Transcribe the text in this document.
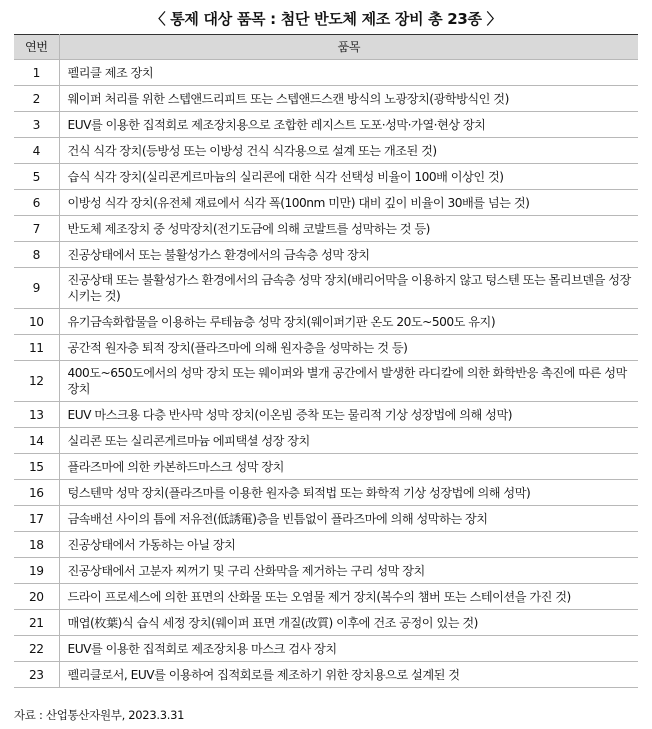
〈 통제 대상 품목 : 첨단 반도체 제조 장비 총 23종 〉
연번	품목
1	펠리클 제조 장치
2	웨이퍼 처리를 위한 스텝앤드리피트 또는 스텝앤드스캔 방식의 노광장치(광학방식인 것)
3	EUV를 이용한 집적회로 제조장치용으로 조합한 레지스트 도포·성막·가열·현상 장치
4	건식 식각 장치(등방성 또는 이방성 건식 식각용으로 설계 또는 개조된 것)
5	습식 식각 장치(실리콘게르마늄의 실리콘에 대한 식각 선택성 비율이 100배 이상인 것)
6	이방성 식각 장치(유전체 재료에서 식각 폭(100nm 미만) 대비 깊이 비율이 30배를 넘는 것)
7	반도체 제조장치 중 성막장치(전기도금에 의해 코발트를 성막하는 것 등)
8	진공상태에서 또는 불활성가스 환경에서의 금속층 성막 장치
9	진공상태 또는 불활성가스 환경에서의 금속층 성막 장치(배리어막을 이용하지 않고 텅스텐 또는 몰리브덴을 성장시키는 것)
10	유기금속화합물을 이용하는 루테늄층 성막 장치(웨이퍼기판 온도 20도~500도 유지)
11	공간적 원자층 퇴적 장치(플라즈마에 의해 원자층을 성막하는 것 등)
12	400도~650도에서의 성막 장치 또는 웨이퍼와 별개 공간에서 발생한 라디칼에 의한 화학반응 촉진에 따른 성막 장치
13	EUV 마스크용 다층 반사막 성막 장치(이온빔 증착 또는 물리적 기상 성장법에 의해 성막)
14	실리콘 또는 실리콘게르마늄 에피택셜 성장 장치
15	플라즈마에 의한 카본하드마스크 성막 장치
16	텅스텐막 성막 장치(플라즈마를 이용한 원자층 퇴적법 또는 화학적 기상 성장법에 의해 성막)
17	금속배선 사이의 틈에 저유전(低誘電)층을 빈틈없이 플라즈마에 의해 성막하는 장치
18	진공상태에서 가동하는 아닐 장치
19	진공상태에서 고분자 찌꺼기 및 구리 산화막을 제거하는 구리 성막 장치
20	드라이 프로세스에 의한 표면의 산화물 또는 오염물 제거 장치(복수의 챔버 또는 스테이션을 가진 것)
21	매엽(枚葉)식 습식 세정 장치(웨이퍼 표면 개질(改質) 이후에 건조 공정이 있는 것)
22	EUV를 이용한 집적회로 제조장치용 마스크 검사 장치
23	펠리클로서, EUV를 이용하여 집적회로를 제조하기 위한 장치용으로 설계된 것
자료 : 산업통산자원부, 2023.3.31
